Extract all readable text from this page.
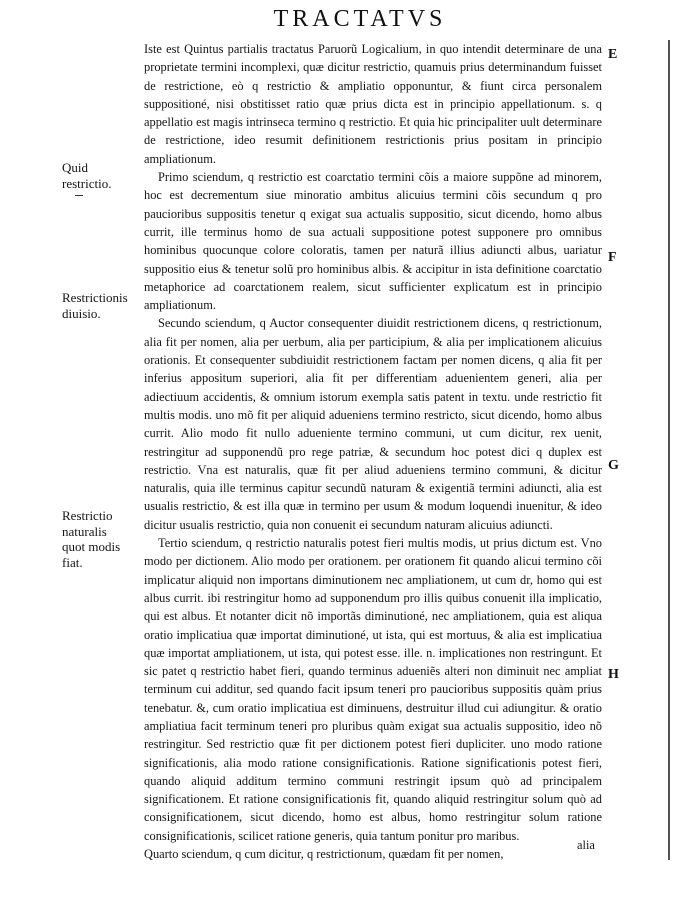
TRACTATVS

Iste est Quintus partialis tractatus Paruorũ Logicalium, in quo intendit determinare de una proprietate termini incomplexi, quæ dicitur restrictio, quamuis prius determinandum fuisset de restrictione, eò q restrictio & ampliatio opponuntur, & fiunt circa personalem suppositioné, nisi obstitisset ratio quæ prius dicta est in principio appellationum. s. q appellatio est magis intrinseca termino q restrictio. Et quia hic principaliter uult determinare de restrictione, ideo resumit definitionem restrictionis prius positam in principio ampliationum.

Primo sciendum, q restrictio est coarctatio termini cõis a maiore suppõne ad minorem, hoc est decrementum siue minoratio ambitus alicuius termini cõis secundum q pro paucioribus suppositis tenetur q exigat sua actualis suppositio, sicut dicendo, homo albus currit, ille terminus homo de sua actuali suppositione potest supponere pro omnibus hominibus quocunque colore coloratis, tamen per naturã illius adiuncti albus, uariatur suppositio eius & tenetur solũ pro hominibus albis. & accipitur in ista definitione coarctatio metaphorice ad coarctationem realem, sicut sufficienter explicatum est in principio ampliationum.

Secundo sciendum, q Auctor consequenter diuidit restrictionem dicens, q restrictionum, alia fit per nomen, alia per uerbum, alia per participium, & alia per implicationem alicuius orationis. Et consequenter subdiuidit restrictionem factam per nomen dicens, q alia fit per inferius appositum superiori, alia fit per differentiam aduenientem generi, alia per adiectiuum accidentis, & omnium istorum exempla satis patent in textu. unde restrictio fit multis modis. uno mõ fit per aliquid adueniens termino restricto, sicut dicendo, homo albus currit. Alio modo fit nullo adueniente termino communi, ut cum dicitur, rex uenit, restringitur ad supponendũ pro rege patriæ, & secundum hoc potest dici q duplex est restrictio. Vna est naturalis, quæ fit per aliud adueniens termino communi, & dicitur naturalis, quia ille terminus capitur secundũ naturam & exigentiã termini adiuncti, alia est usualis restrictio, & est illa quæ in termino per usum & modum loquendi inuenitur, & ideo dicitur usualis restrictio, quia non conuenit ei secundum naturam alicuius adiuncti.

Tertio sciendum, q restrictio naturalis potest fieri multis modis, ut prius dictum est. Vno modo per dictionem. Alio modo per orationem. per orationem fit quando alicui termino cõi implicatur aliquid non importans diminutionem nec ampliationem, ut cum dr, homo qui est albus currit. ibi restringitur homo ad supponendum pro illis quibus conuenit illa implicatio, qui est albus. Et notanter dicit nõ importãs diminutioné, nec ampliationem, quia est aliqua oratio implicatiua quæ importat diminutioné, ut ista, qui est mortuus, & alia est implicatiua quæ importat ampliationem, ut ista, qui potest esse. ille. n. implicationes non restringunt. Et sic patet q restrictio habet fieri, quando terminus adueniẽs alteri non diminuit nec ampliat terminum cui additur, sed quando facit ipsum teneri pro paucioribus suppositis quàm prius tenebatur. &, cum oratio implicatiua est diminuens, destruitur illud cui adiungitur. & oratio ampliatiua facit terminum teneri pro pluribus quàm exigat sua actualis suppositio, ideo nõ restringitur. Sed restrictio quæ fit per dictionem potest fieri dupliciter. uno modo ratione significationis, alia modo ratione consignificationis. Ratione significationis potest fieri, quando aliquid additum termino communi restringit ipsum quò ad principalem significationem. Et ratione consignificationis fit, quando aliquid restringitur solum quò ad consignificationem, sicut dicendo, homo est albus, homo restringitur solum ratione consignificationis, scilicet ratione generis, quia tantum ponitur pro maribus.

Quarto sciendum, q cum dicitur, q restrictionum, quædam fit per nomen,

Quid restrictio.
Restrictionis diuisio.
Restrictio naturalis quot modis fiat.
E
F
G
H
alia
